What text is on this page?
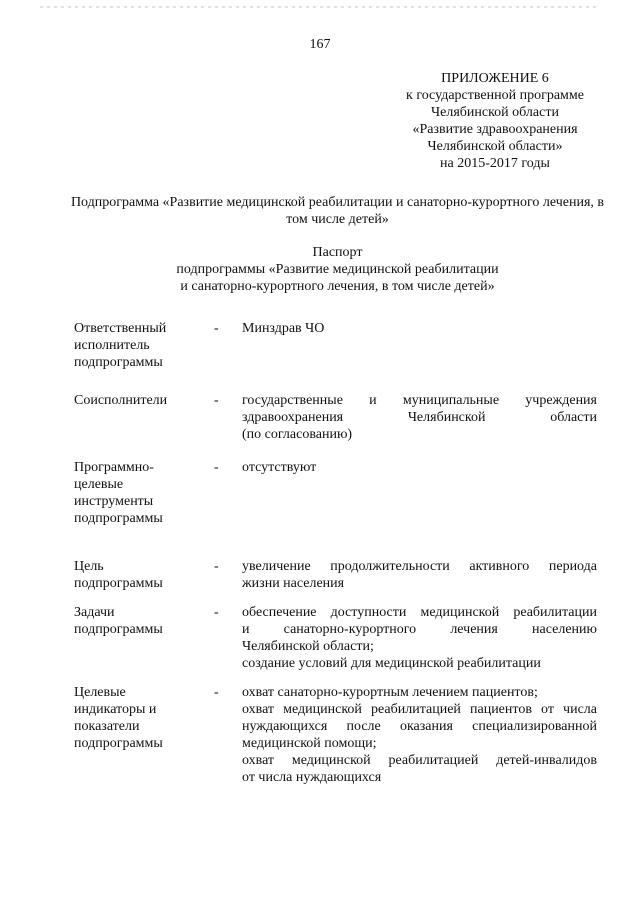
167
ПРИЛОЖЕНИЕ 6
к государственной программе
Челябинской области
«Развитие здравоохранения
Челябинской области»
на 2015-2017 годы
Подпрограмма «Развитие медицинской реабилитации и санаторно-курортного лечения, в том числе детей»
Паспорт
подпрограммы «Развитие медицинской реабилитации
и санаторно-курортного лечения, в том числе детей»
Ответственный
исполнитель
подпрограммы
- Минздрав ЧО
Соисполнители	- государственные и муниципальные учреждения
здравоохранения Челябинской области
(по согласованию)
Программно-
целевые
инструменты
подпрограммы
- отсутствуют
Цель
подпрограммы
- увеличение продолжительности активного периода
жизни населения
Задачи
подпрограммы
- обеспечение доступности медицинской реабилитации
и санаторно-курортного лечения населению
Челябинской области;
создание условий для медицинской реабилитации
Целевые
индикаторы и
показатели
подпрограммы
- охват санаторно-курортным лечением пациентов;
охват медицинской реабилитацией пациентов от числа
нуждающихся после оказания специализированной
медицинской помощи;
охват медицинской реабилитацией детей-инвалидов
от числа нуждающихся
